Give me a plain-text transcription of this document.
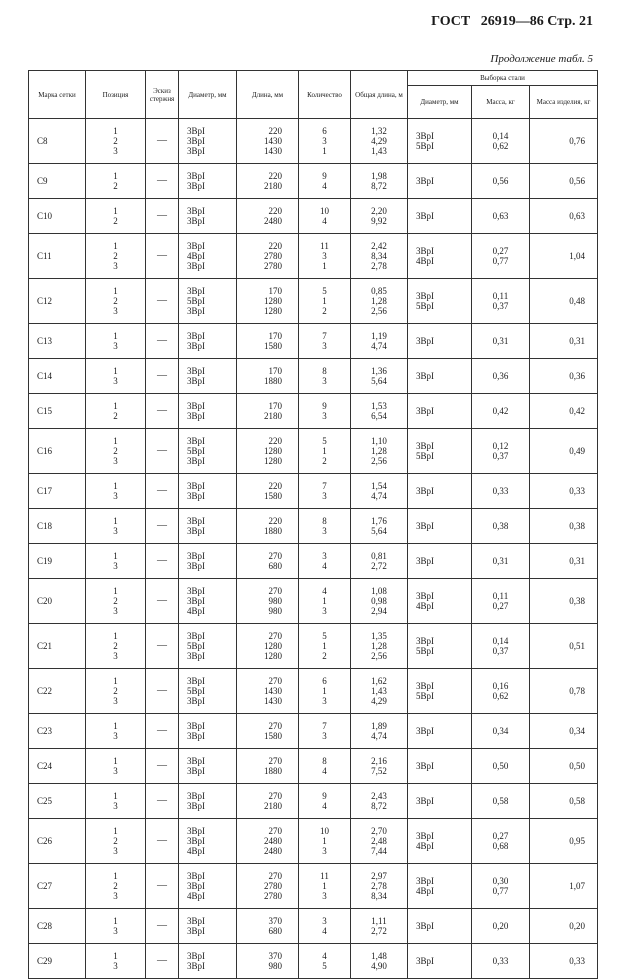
ГОСТ 26919—86 Стр. 21
Продолжение табл. 5
Марка сетки	Позиция	Эскиз стержня	Диаметр, мм	Длина, мм	Количество	Общая длина, м	Выборка стали		
							Диаметр, мм	Масса, кг	Масса изделия, кг
С8	1
2
3	—	3ВрI
3ВрI
3ВрI	220
1430
1430	6
3
1	1,32
4,29
1,43	3ВрI
5ВрI	0,14
0,62	0,76
С9	1
2	—	3ВрI
3ВрI	220
2180	9
4	1,98
8,72	3ВрI	0,56	0,56
С10	1
2	—	3ВрI
3ВрI	220
2480	10
4	2,20
9,92	3ВрI	0,63	0,63
С11	1
2
3	—	3ВрI
4ВрI
3ВрI	220
2780
2780	11
3
1	2,42
8,34
2,78	3ВрI
4ВрI	0,27
0,77	1,04
С12	1
2
3	—	3ВрI
5ВрI
3ВрI	170
1280
1280	5
1
2	0,85
1,28
2,56	3ВрI
5ВрI	0,11
0,37	0,48
С13	1
3	—	3ВрI
3ВрI	170
1580	7
3	1,19
4,74	3ВрI	0,31	0,31
С14	1
3	—	3ВрI
3ВрI	170
1880	8
3	1,36
5,64	3ВрI	0,36	0,36
С15	1
2	—	3ВрI
3ВрI	170
2180	9
3	1,53
6,54	3ВрI	0,42	0,42
С16	1
2
3	—	3ВрI
5ВрI
3ВрI	220
1280
1280	5
1
2	1,10
1,28
2,56	3ВрI
5ВрI	0,12
0,37	0,49
С17	1
3	—	3ВрI
3ВрI	220
1580	7
3	1,54
4,74	3ВрI	0,33	0,33
С18	1
3	—	3ВрI
3ВрI	220
1880	8
3	1,76
5,64	3ВрI	0,38	0,38
С19	1
3	—	3ВрI
3ВрI	270
680	3
4	0,81
2,72	3ВрI	0,31	0,31
С20	1
2
3	—	3ВрI
3ВрI
4ВрI	270
980
980	4
1
3	1,08
0,98
2,94	3ВрI
4ВрI	0,11
0,27	0,38
С21	1
2
3	—	3ВрI
5ВрI
3ВрI	270
1280
1280	5
1
2	1,35
1,28
2,56	3ВрI
5ВрI	0,14
0,37	0,51
С22	1
2
3	—	3ВрI
5ВрI
3ВрI	270
1430
1430	6
1
3	1,62
1,43
4,29	3ВрI
5ВрI	0,16
0,62	0,78
С23	1
3	—	3ВрI
3ВрI	270
1580	7
3	1,89
4,74	3ВрI	0,34	0,34
С24	1
3	—	3ВрI
3ВрI	270
1880	8
4	2,16
7,52	3ВрI	0,50	0,50
С25	1
3	—	3ВрI
3ВрI	270
2180	9
4	2,43
8,72	3ВрI	0,58	0,58
С26	1
2
3	—	3ВрI
3ВрI
4ВрI	270
2480
2480	10
1
3	2,70
2,48
7,44	3ВрI
4ВрI	0,27
0,68	0,95
С27	1
2
3	—	3ВрI
3ВрI
4ВрI	270
2780
2780	11
1
3	2,97
2,78
8,34	3ВрI
4ВрI	0,30
0,77	1,07
С28	1
3	—	3ВрI
3ВрI	370
680	3
4	1,11
2,72	3ВрI	0,20	0,20
С29	1
3	—	3ВрI
3ВрI	370
980	4
5	1,48
4,90	3ВрI	0,33	0,33
